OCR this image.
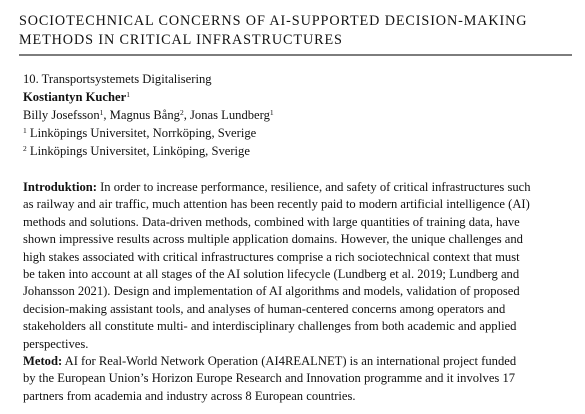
SOCIOTECHNICAL CONCERNS OF AI-SUPPORTED DECISION-MAKING
METHODS IN CRITICAL INFRASTRUCTURES
10. Transportsystemets Digitalisering
Kostiantyn Kucher$^1$
Billy Josefsson$^1$, Magnus Bång$^2$, Jonas Lundberg$^1$
$^1$ Linköpings Universitet, Norrköping, Sverige
$^2$ Linköpings Universitet, Linköping, Sverige

Introduktion: In order to increase performance, resilience, and safety of critical infrastructures such
as railway and air traffic, much attention has been recently paid to modern artificial intelligence (AI)
methods and solutions. Data-driven methods, combined with large quantities of training data, have
shown impressive results across multiple application domains. However, the unique challenges and
high stakes associated with critical infrastructures comprise a rich sociotechnical context that must
be taken into account at all stages of the AI solution lifecycle (Lundberg et al. 2019; Lundberg and
Johansson 2021). Design and implementation of AI algorithms and models, validation of proposed
decision-making assistant tools, and analyses of human-centered concerns among operators and
stakeholders all constitute multi- and interdisciplinary challenges from both academic and applied
perspectives.

Metod: AI for Real-World Network Operation (AI4REALNET) is an international project funded
by the European Union’s Horizon Europe Research and Innovation programme and it involves 17
partners from academia and industry across 8 European countries.
